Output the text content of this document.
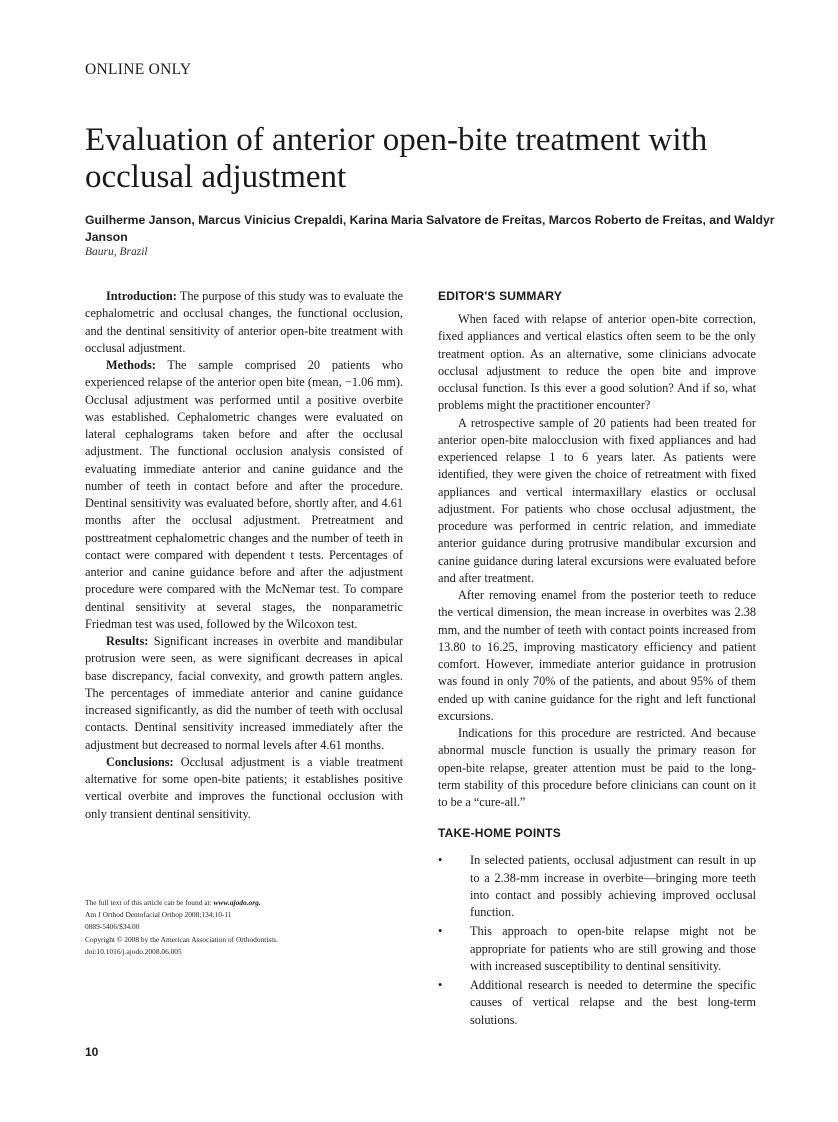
ONLINE ONLY
Evaluation of anterior open-bite treatment with occlusal adjustment
Guilherme Janson, Marcus Vinicius Crepaldi, Karina Maria Salvatore de Freitas, Marcos Roberto de Freitas, and Waldyr Janson
Bauru, Brazil

Introduction: The purpose of this study was to evaluate the cephalometric and occlusal changes, the functional occlusion, and the dentinal sensitivity of anterior open-bite treatment with occlusal adjustment.

Methods: The sample comprised 20 patients who experienced relapse of the anterior open bite (mean, −1.06 mm). Occlusal adjustment was performed until a positive overbite was established. Cephalometric changes were evaluated on lateral cephalograms taken before and after the occlusal adjustment. The functional occlusion analysis consisted of evaluating immediate anterior and canine guidance and the number of teeth in contact before and after the procedure. Dentinal sensitivity was evaluated before, shortly after, and 4.61 months after the occlusal adjustment. Pretreatment and posttreatment cephalometric changes and the number of teeth in contact were compared with dependent t tests. Percentages of anterior and canine guidance before and after the adjustment procedure were compared with the McNemar test. To compare dentinal sensitivity at several stages, the nonparametric Friedman test was used, followed by the Wilcoxon test.

Results: Significant increases in overbite and mandibular protrusion were seen, as were significant decreases in apical base discrepancy, facial convexity, and growth pattern angles. The percentages of immediate anterior and canine guidance increased significantly, as did the number of teeth with occlusal contacts. Dentinal sensitivity increased immediately after the adjustment but decreased to normal levels after 4.61 months.

Conclusions: Occlusal adjustment is a viable treatment alternative for some open-bite patients; it establishes positive vertical overbite and improves the functional occlusion with only transient dentinal sensitivity.

The full text of this article can be found at: www.ajodo.org.
Am J Orthod Dentofacial Orthop 2008;134:10-11
0889-5406/$34.00
Copyright © 2008 by the American Association of Orthodontists.
doi:10.1016/j.ajodo.2008.06.005
EDITOR'S SUMMARY

When faced with relapse of anterior open-bite correction, fixed appliances and vertical elastics often seem to be the only treatment option. As an alternative, some clinicians advocate occlusal adjustment to reduce the open bite and improve occlusal function. Is this ever a good solution? And if so, what problems might the practitioner encounter?

A retrospective sample of 20 patients had been treated for anterior open-bite malocclusion with fixed appliances and had experienced relapse 1 to 6 years later. As patients were identified, they were given the choice of retreatment with fixed appliances and vertical intermaxillary elastics or occlusal adjustment. For patients who chose occlusal adjustment, the procedure was performed in centric relation, and immediate anterior guidance during protrusive mandibular excursion and canine guidance during lateral excursions were evaluated before and after treatment.

After removing enamel from the posterior teeth to reduce the vertical dimension, the mean increase in overbites was 2.38 mm, and the number of teeth with contact points increased from 13.80 to 16.25, improving masticatory efficiency and patient comfort. However, immediate anterior guidance in protrusion was found in only 70% of the patients, and about 95% of them ended up with canine guidance for the right and left functional excursions.

Indications for this procedure are restricted. And because abnormal muscle function is usually the primary reason for open-bite relapse, greater attention must be paid to the long-term stability of this procedure before clinicians can count on it to be a “cure-all.”

TAKE-HOME POINTS
• In selected patients, occlusal adjustment can result in up to a 2.38-mm increase in overbite—bringing more teeth into contact and possibly achieving improved occlusal function.
• This approach to open-bite relapse might not be appropriate for patients who are still growing and those with increased susceptibility to dentinal sensitivity.
• Additional research is needed to determine the specific causes of vertical relapse and the best long-term solutions.
10
